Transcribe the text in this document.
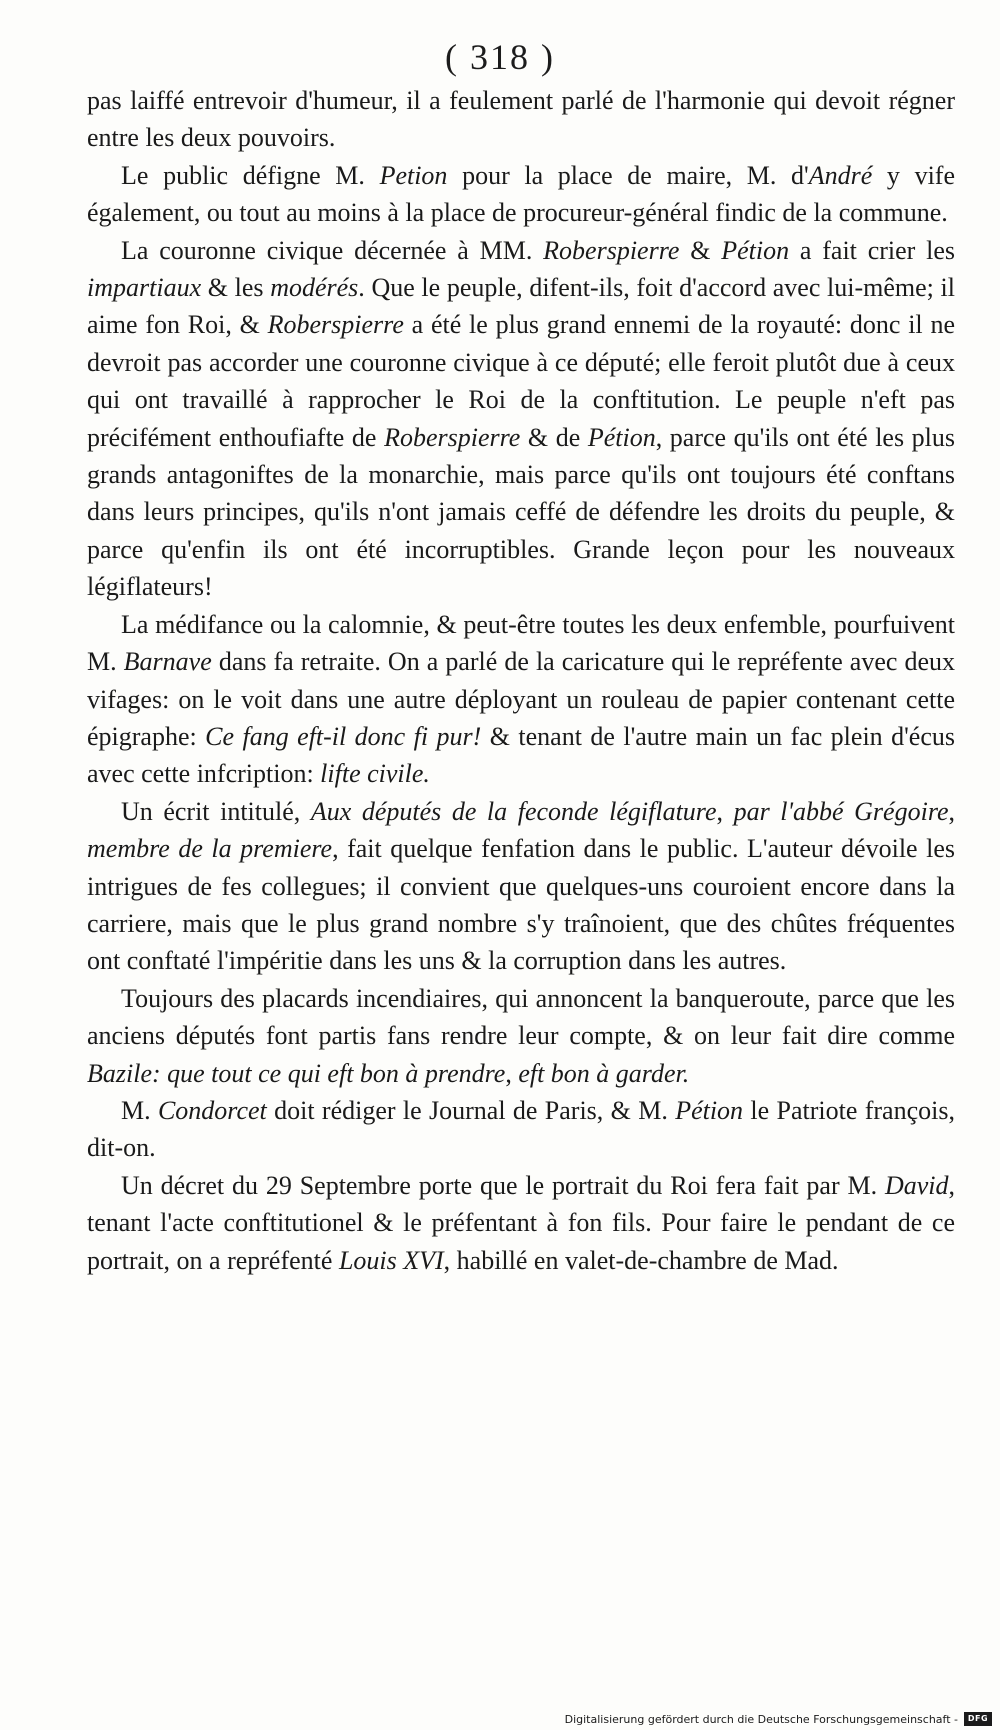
( 318 )

pas laiffé entrevoir d'humeur, il a feulement parlé de l'harmonie qui devoit régner entre les deux pouvoirs.

Le public défigne M. Petion pour la place de maire, M. d'André y vife également, ou tout au moins à la place de procureur-général findic de la commune.

La couronne civique décernée à MM. Roberspierre & Pétion a fait crier les impartiaux & les modérés. Que le peuple, difent-ils, foit d'accord avec lui-même; il aime fon Roi, & Roberspierre a été le plus grand ennemi de la royauté: donc il ne devroit pas accorder une couronne civique à ce député; elle feroit plutôt due à ceux qui ont travaillé à rapprocher le Roi de la conftitution. Le peuple n'eft pas précifément enthoufiafte de Roberspierre & de Pétion, parce qu'ils ont été les plus grands antagoniftes de la monarchie, mais parce qu'ils ont toujours été conftans dans leurs principes, qu'ils n'ont jamais ceffé de défendre les droits du peuple, & parce qu'enfin ils ont été incorruptibles. Grande leçon pour les nouveaux légiflateurs!

La médifance ou la calomnie, & peut-être toutes les deux enfemble, pourfuivent M. Barnave dans fa retraite. On a parlé de la caricature qui le repréfente avec deux vifages: on le voit dans une autre déployant un rouleau de papier contenant cette épigraphe: Ce fang eft-il donc fi pur! & tenant de l'autre main un fac plein d'écus avec cette infcription: lifte civile.

Un écrit intitulé, Aux députés de la feconde légiflature, par l'abbé Grégoire, membre de la premiere, fait quelque fenfation dans le public. L'auteur dévoile les intrigues de fes collegues; il convient que quelques-uns couroient encore dans la carriere, mais que le plus grand nombre s'y traînoient, que des chûtes fréquentes ont conftaté l'impéritie dans les uns & la corruption dans les autres.

Toujours des placards incendiaires, qui annoncent la banqueroute, parce que les anciens députés font partis fans rendre leur compte, & on leur fait dire comme Bazile: que tout ce qui eft bon à prendre, eft bon à garder.

M. Condorcet doit rédiger le Journal de Paris, & M. Pétion le Patriote françois, dit-on.

Un décret du 29 Septembre porte que le portrait du Roi fera fait par M. David, tenant l'acte conftitutionel & le préfentant à fon fils. Pour faire le pendant de ce portrait, on a repréfenté Louis XVI, habillé en valet-de-chambre de Mad.

Digitalisierung gefördert durch die Deutsche Forschungsgemeinschaft -	DFG
